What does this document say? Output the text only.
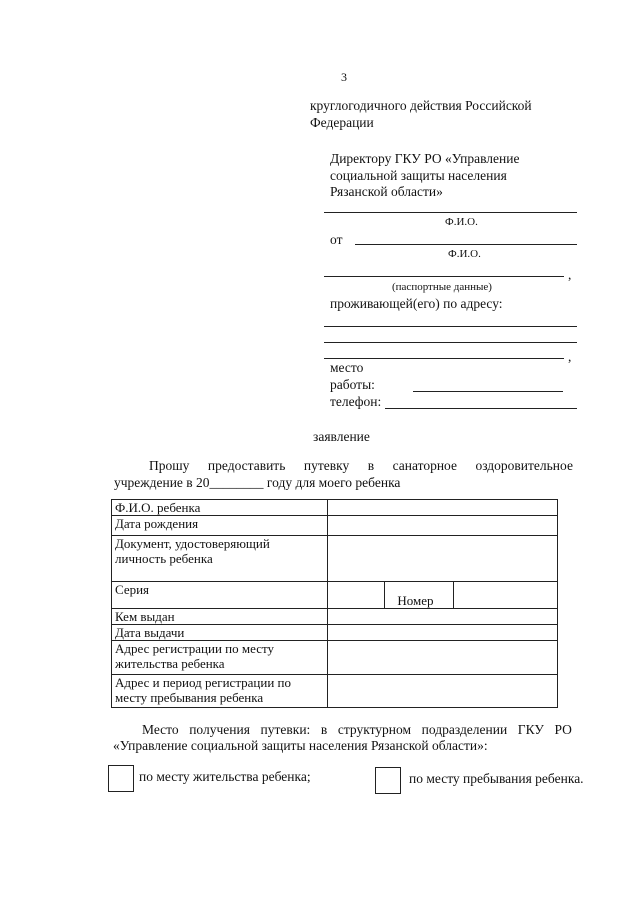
3
круглогодичного действия Российской
Федерации
Директору ГКУ РО «Управление
социальной защиты населения
Рязанской области»
Ф.И.О.
от
Ф.И.О.
,
(паспортные данные)
проживающей(его) по адресу:
,
место
работы:
телефон:
заявление
Прошу предоставить путевку в санаторное оздоровительное
учреждение в 20________ году для моего ребенка
Ф.И.О. ребенка			
Дата рождения			

Документ, удостоверяющий
личность ребенка			

Серия		Номер	
Кем выдан			
Дата выдачи			

Адрес регистрации по месту
жительства ребенка			

Адрес и период регистрации по
месту пребывания ребенка			

Место получения путевки: в структурном подразделении ГКУ РО
«Управление социальной защиты населения Рязанской области»:
по месту жительства ребенка;	по месту пребывания ребенка.
